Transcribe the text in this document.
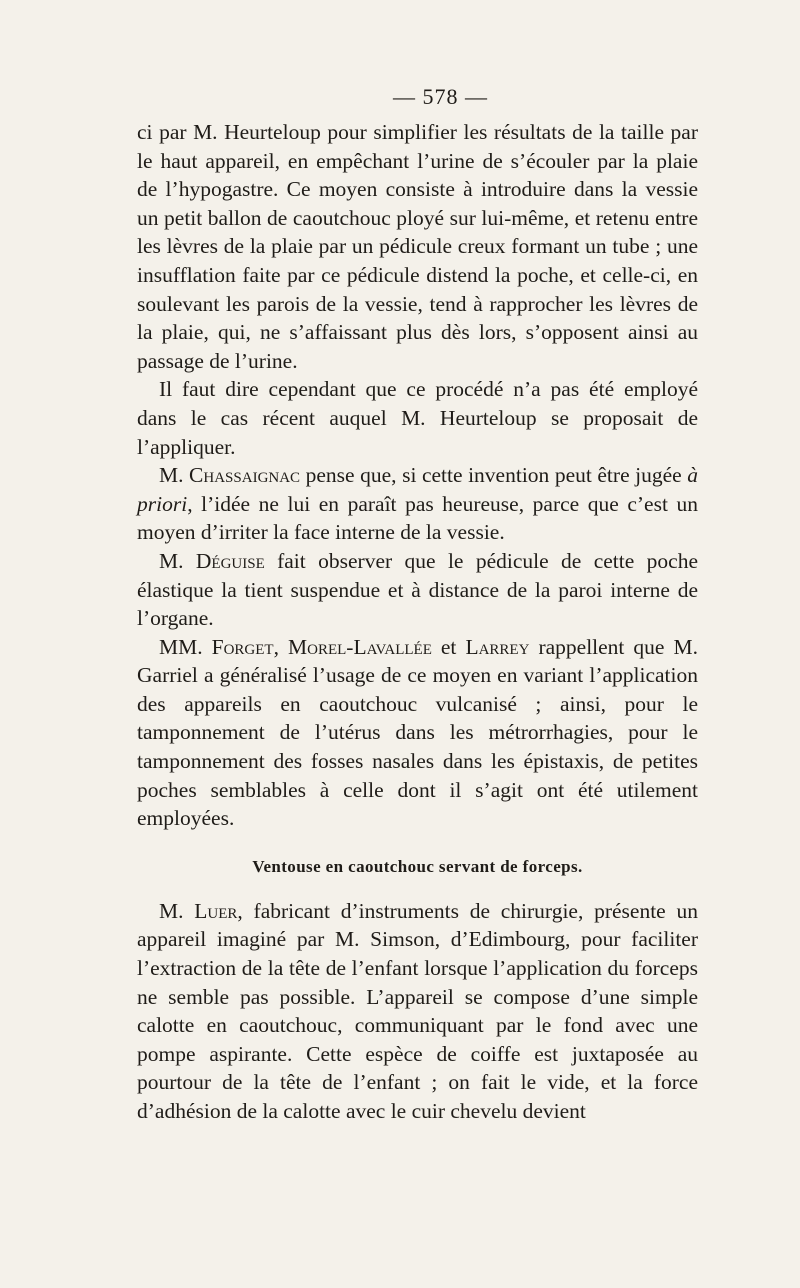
— 578 —

ci par M. Heurteloup pour simplifier les résultats de la taille par le haut appareil, en empêchant l’urine de s’écouler par la plaie de l’hypogastre. Ce moyen consiste à introduire dans la vessie un petit ballon de caoutchouc ployé sur lui-même, et retenu entre les lèvres de la plaie par un pédicule creux formant un tube ; une insufflation faite par ce pédicule distend la poche, et celle-ci, en soulevant les parois de la vessie, tend à rapprocher les lèvres de la plaie, qui, ne s’affaissant plus dès lors, s’opposent ainsi au passage de l’urine.

Il faut dire cependant que ce procédé n’a pas été employé dans le cas récent auquel M. Heurteloup se proposait de l’appliquer.

M. Chassaignac pense que, si cette invention peut être jugée à priori, l’idée ne lui en paraît pas heureuse, parce que c’est un moyen d’irriter la face interne de la vessie.

M. Déguise fait observer que le pédicule de cette poche élastique la tient suspendue et à distance de la paroi interne de l’organe.

MM. Forget, Morel-Lavallée et Larrey rappellent que M. Garriel a généralisé l’usage de ce moyen en variant l’application des appareils en caoutchouc vulcanisé ; ainsi, pour le tamponnement de l’utérus dans les métrorrhagies, pour le tamponnement des fosses nasales dans les épistaxis, de petites poches semblables à celle dont il s’agit ont été utilement employées.

Ventouse en caoutchouc servant de forceps.

M. Luer, fabricant d’instruments de chirurgie, présente un appareil imaginé par M. Simson, d’Edimbourg, pour faciliter l’extraction de la tête de l’enfant lorsque l’application du forceps ne semble pas possible. L’appareil se compose d’une simple calotte en caoutchouc, communiquant par le fond avec une pompe aspirante. Cette espèce de coiffe est juxtaposée au pourtour de la tête de l’enfant ; on fait le vide, et la force d’adhésion de la calotte avec le cuir chevelu devient
